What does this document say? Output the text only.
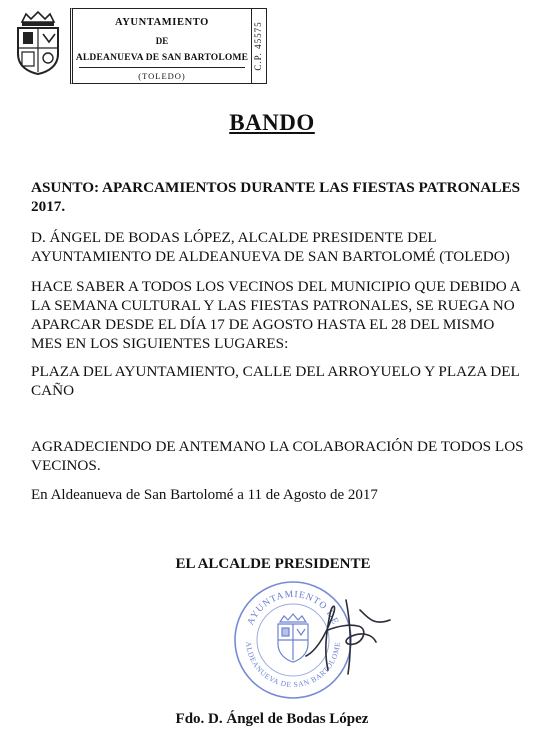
AYUNTAMIENTO
DE
ALDEANUEVA DE SAN BARTOLOME
(TOLEDO)
C.P. 45575
BANDO
ASUNTO: APARCAMIENTOS DURANTE LAS FIESTAS PATRONALES 2017.
D. ÁNGEL DE BODAS LÓPEZ, ALCALDE PRESIDENTE DEL AYUNTAMIENTO DE ALDEANUEVA DE SAN BARTOLOMÉ (TOLEDO)
HACE SABER A TODOS LOS VECINOS DEL MUNICIPIO QUE DEBIDO A LA SEMANA CULTURAL Y LAS FIESTAS PATRONALES, SE RUEGA NO APARCAR DESDE EL DÍA 17 DE AGOSTO HASTA EL 28 DEL MISMO MES EN LOS SIGUIENTES LUGARES:
PLAZA DEL AYUNTAMIENTO, CALLE DEL ARROYUELO Y PLAZA DEL CAÑO
AGRADECIENDO DE ANTEMANO LA COLABORACIÓN DE TODOS LOS VECINOS.
En Aldeanueva de San Bartolomé a 11 de Agosto de 2017
EL ALCALDE PRESIDENTE
AYUNTAMIENTO DE
ALDEANUEVA DE SAN BARTOLOME
Fdo. D. Ángel de Bodas López
